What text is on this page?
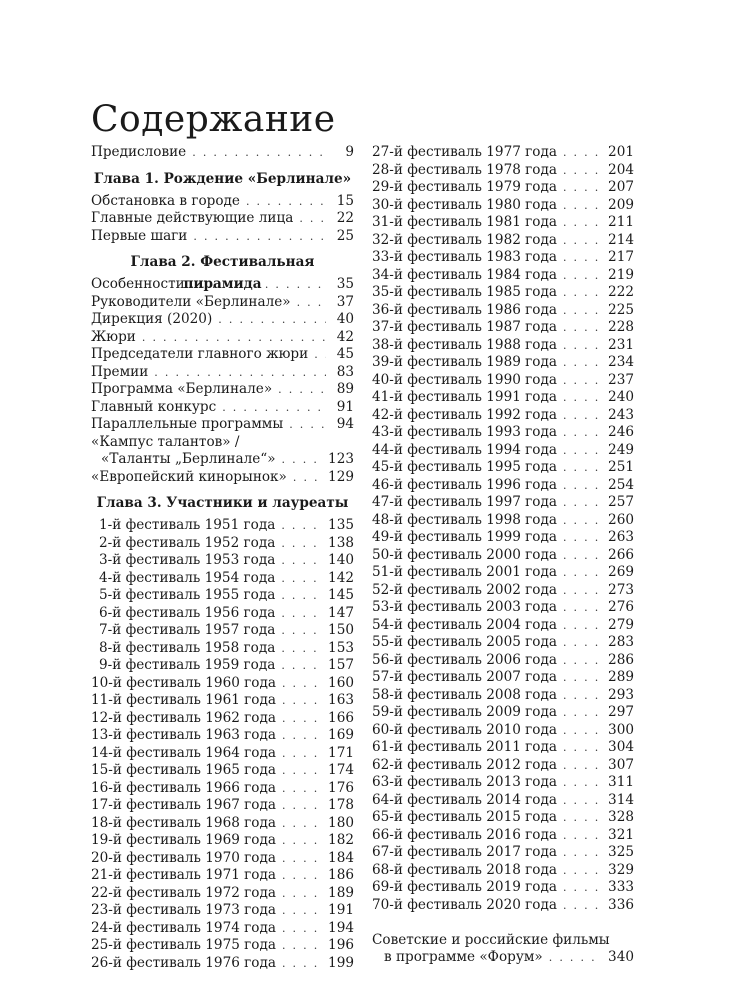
Содержание
Предисловие . . .	9
Глава 1. Рождение «Берлинале»
Обстановка в городе . . .	15
Главные действующие лица . . .	22
Первые шаги . . .	25
Глава 2. Фестивальная пирамида
Особенности . . .	35
Руководители «Берлинале» . . .	37
Дирекция (2020) . . .	40
Жюри . . .	42
Председатели главного жюри . . .	45
Премии . . .	83
Программа «Берлинале» . . .	89
Главный конкурс . . .	91
Параллельные программы . . .	94
«Кампус талантов» /
«Таланты „Берлинале“» . . .	123
«Европейский кинорынок» . . .	129
Глава 3. Участники и лауреаты
1-й фестиваль 1951 года . . .	135
2-й фестиваль 1952 года . . .	138
3-й фестиваль 1953 года . . .	140
4-й фестиваль 1954 года . . .	142
5-й фестиваль 1955 года . . .	145
6-й фестиваль 1956 года . . .	147
7-й фестиваль 1957 года . . .	150
8-й фестиваль 1958 года . . .	153
9-й фестиваль 1959 года . . .	157
10-й фестиваль 1960 года . . .	160
11-й фестиваль 1961 года . . .	163
12-й фестиваль 1962 года . . .	166
13-й фестиваль 1963 года . . .	169
14-й фестиваль 1964 года . . .	171
15-й фестиваль 1965 года . . .	174
16-й фестиваль 1966 года . . .	176
17-й фестиваль 1967 года . . .	178
18-й фестиваль 1968 года . . .	180
19-й фестиваль 1969 года . . .	182
20-й фестиваль 1970 года . . .	184
21-й фестиваль 1971 года . . .	186
22-й фестиваль 1972 года . . .	189
23-й фестиваль 1973 года . . .	191
24-й фестиваль 1974 года . . .	194
25-й фестиваль 1975 года . . .	196
26-й фестиваль 1976 года . . .	199
27-й фестиваль 1977 года . . .	201
28-й фестиваль 1978 года . . .	204
29-й фестиваль 1979 года . . .	207
30-й фестиваль 1980 года . . .	209
31-й фестиваль 1981 года . . .	211
32-й фестиваль 1982 года . . .	214
33-й фестиваль 1983 года . . .	217
34-й фестиваль 1984 года . . .	219
35-й фестиваль 1985 года . . .	222
36-й фестиваль 1986 года . . .	225
37-й фестиваль 1987 года . . .	228
38-й фестиваль 1988 года . . .	231
39-й фестиваль 1989 года . . .	234
40-й фестиваль 1990 года . . .	237
41-й фестиваль 1991 года . . .	240
42-й фестиваль 1992 года . . .	243
43-й фестиваль 1993 года . . .	246
44-й фестиваль 1994 года . . .	249
45-й фестиваль 1995 года . . .	251
46-й фестиваль 1996 года . . .	254
47-й фестиваль 1997 года . . .	257
48-й фестиваль 1998 года . . .	260
49-й фестиваль 1999 года . . .	263
50-й фестиваль 2000 года . . .	266
51-й фестиваль 2001 года . . .	269
52-й фестиваль 2002 года . . .	273
53-й фестиваль 2003 года . . .	276
54-й фестиваль 2004 года . . .	279
55-й фестиваль 2005 года . . .	283
56-й фестиваль 2006 года . . .	286
57-й фестиваль 2007 года . . .	289
58-й фестиваль 2008 года . . .	293
59-й фестиваль 2009 года . . .	297
60-й фестиваль 2010 года . . .	300
61-й фестиваль 2011 года . . .	304
62-й фестиваль 2012 года . . .	307
63-й фестиваль 2013 года . . .	311
64-й фестиваль 2014 года . . .	314
65-й фестиваль 2015 года . . .	328
66-й фестиваль 2016 года . . .	321
67-й фестиваль 2017 года . . .	325
68-й фестиваль 2018 года . . .	329
69-й фестиваль 2019 года . . .	333
70-й фестиваль 2020 года . . .	336
Советские и российские фильмы
в программе «Форум» . . .	340
